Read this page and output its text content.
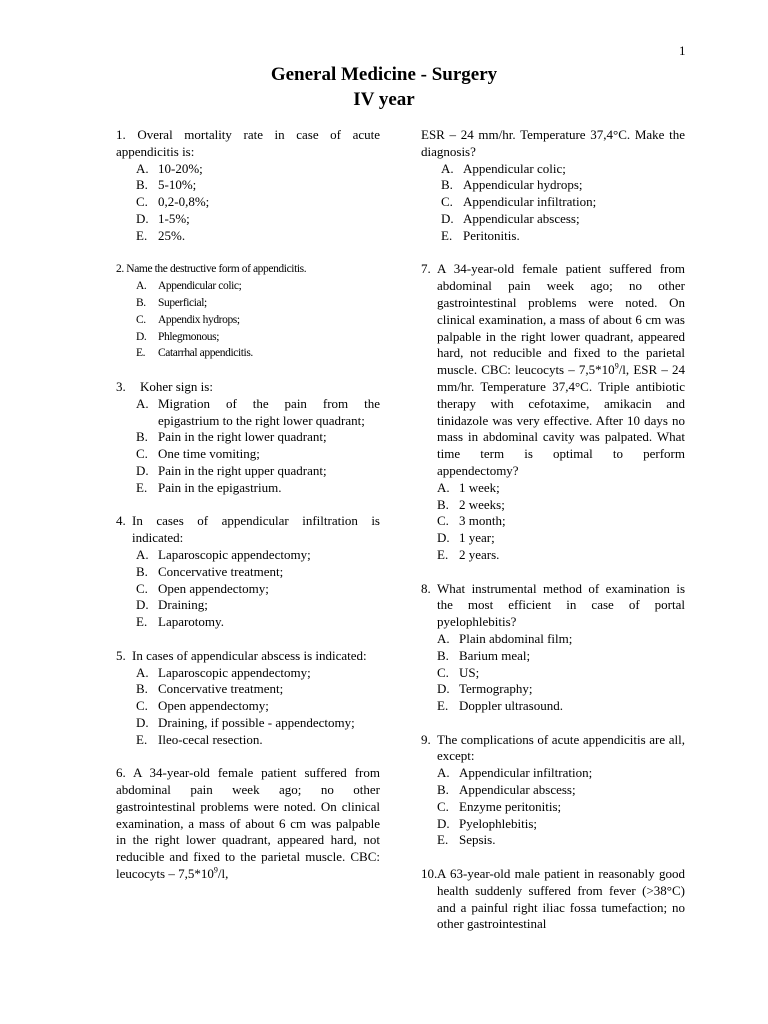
1
General Medicine - Surgery
IV year
1. Overal mortality rate in case of acute appendicitis is:
A. 10-20%;
B. 5-10%;
C. 0,2-0,8%;
D. 1-5%;
E. 25%.
2. Name the destructive form of appendicitis.
A.	Appendicular colic;
B.	Superficial;
C.	Appendix hydrops;
D.	Phlegmonous;
E.	Catarrhal appendicitis.
3.	Koher sign is:
A. Migration of the pain from the epigastrium to the right lower quadrant;
B. Pain in the right lower quadrant;
C. One time vomiting;
D. Pain in the right upper quadrant;
E. Pain in the epigastrium.
4. In cases of appendicular infiltration is indicated:
A. Laparoscopic appendectomy;
B. Concervative treatment;
C. Open appendectomy;
D. Draining;
E. Laparotomy.
5. In cases of appendicular abscess is indicated:
A. Laparoscopic appendectomy;
B. Concervative treatment;
C. Open appendectomy;
D. Draining, if possible - appendectomy;
E. Ileo-cecal resection.
6. A 34-year-old female patient suffered from abdominal pain week ago; no other gastrointestinal problems were noted. On clinical examination, a mass of about 6 cm was palpable in the right lower quadrant, appeared hard, not reducible and fixed to the parietal muscle. CBC: leucocyts – $7,5*10^9/l$,
ESR – 24 mm/hr. Temperature 37,4°C. Make the diagnosis?
A. Appendicular colic;
B. Appendicular hydrops;
C. Appendicular infiltration;
D. Appendicular abscess;
E. Peritonitis.
7. A 34-year-old female patient suffered from abdominal pain week ago; no other gastrointestinal problems were noted. On clinical examination, a mass of about 6 cm was palpable in the right lower quadrant, appeared hard, not reducible and fixed to the parietal muscle. CBC: leucocyts – $7,5*10^9/l$, ESR – 24 mm/hr. Temperature 37,4°C. Triple antibiotic therapy with cefotaxime, amikacin and tinidazole was very effective. After 10 days no mass in abdominal cavity was palpated. What time term is optimal to perform appendectomy?
A. 1 week;
B. 2 weeks;
C. 3 month;
D. 1 year;
E. 2 years.
8. What instrumental method of examination is the most efficient in case of portal pyelophlebitis?
A. Plain abdominal film;
B. Barium meal;
C. US;
D. Termography;
E. Doppler ultrasound.
9. The complications of acute appendicitis are all, except:
A. Appendicular infiltration;
B. Appendicular abscess;
C. Enzyme peritonitis;
D. Pyelophlebitis;
E. Sepsis.
10. A 63-year-old male patient in reasonably good health suddenly suffered from fever (>38°C) and a painful right iliac fossa tumefaction; no other gastrointestinal
